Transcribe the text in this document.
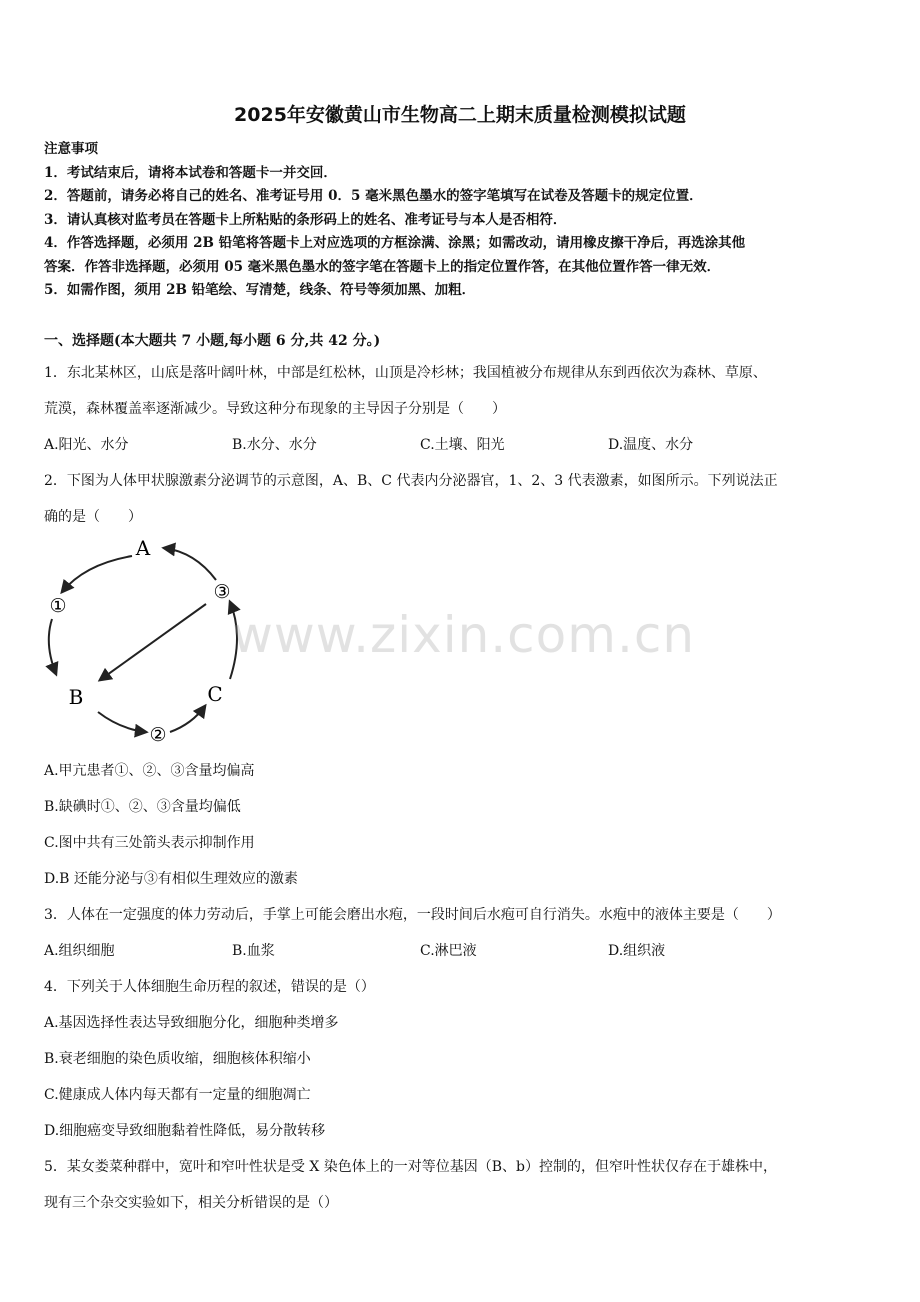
2025年安徽黄山市生物高二上期末质量检测模拟试题
注意事项
1．考试结束后，请将本试卷和答题卡一并交回．
2．答题前，请务必将自己的姓名、准考证号用 0．5 毫米黑色墨水的签字笔填写在试卷及答题卡的规定位置．
3．请认真核对监考员在答题卡上所粘贴的条形码上的姓名、准考证号与本人是否相符．
4．作答选择题，必须用 2B 铅笔将答题卡上对应选项的方框涂满、涂黑；如需改动，请用橡皮擦干净后，再选涂其他
答案．作答非选择题，必须用 05 毫米黑色墨水的签字笔在答题卡上的指定位置作答，在其他位置作答一律无效．
5．如需作图，须用 2B 铅笔绘、写清楚，线条、符号等须加黑、加粗．
一、选择题(本大题共 7 小题,每小题 6 分,共 42 分。)
1．东北某林区，山底是落叶阔叶林，中部是红松林，山顶是冷杉林；我国植被分布规律从东到西依次为森林、草原、
荒漠，森林覆盖率逐渐减少。导致这种分布现象的主导因子分别是（　　）
A.阳光、水分	B.水分、水分	C.土壤、阳光	D.温度、水分
2．下图为人体甲状腺激素分泌调节的示意图，A、B、C 代表内分泌器官，1、2、3 代表激素，如图所示。下列说法正
确的是（　　）
A
B	C
①
②
③
www.zixin.com.cn
A.甲亢患者①、②、③含量均偏高
B.缺碘时①、②、③含量均偏低
C.图中共有三处箭头表示抑制作用
D.B 还能分泌与③有相似生理效应的激素
3．人体在一定强度的体力劳动后，手掌上可能会磨出水疱，一段时间后水疱可自行消失。水疱中的液体主要是（　　）
A.组织细胞	B.血浆	C.淋巴液	D.组织液
4．下列关于人体细胞生命历程的叙述，错误的是（）
A.基因选择性表达导致细胞分化，细胞种类增多
B.衰老细胞的染色质收缩，细胞核体积缩小
C.健康成人体内每天都有一定量的细胞凋亡
D.细胞癌变导致细胞黏着性降低，易分散转移
5．某女娄菜种群中，宽叶和窄叶性状是受 X 染色体上的一对等位基因（B、b）控制的，但窄叶性状仅存在于雄株中，
现有三个杂交实验如下，相关分析错误的是（）
